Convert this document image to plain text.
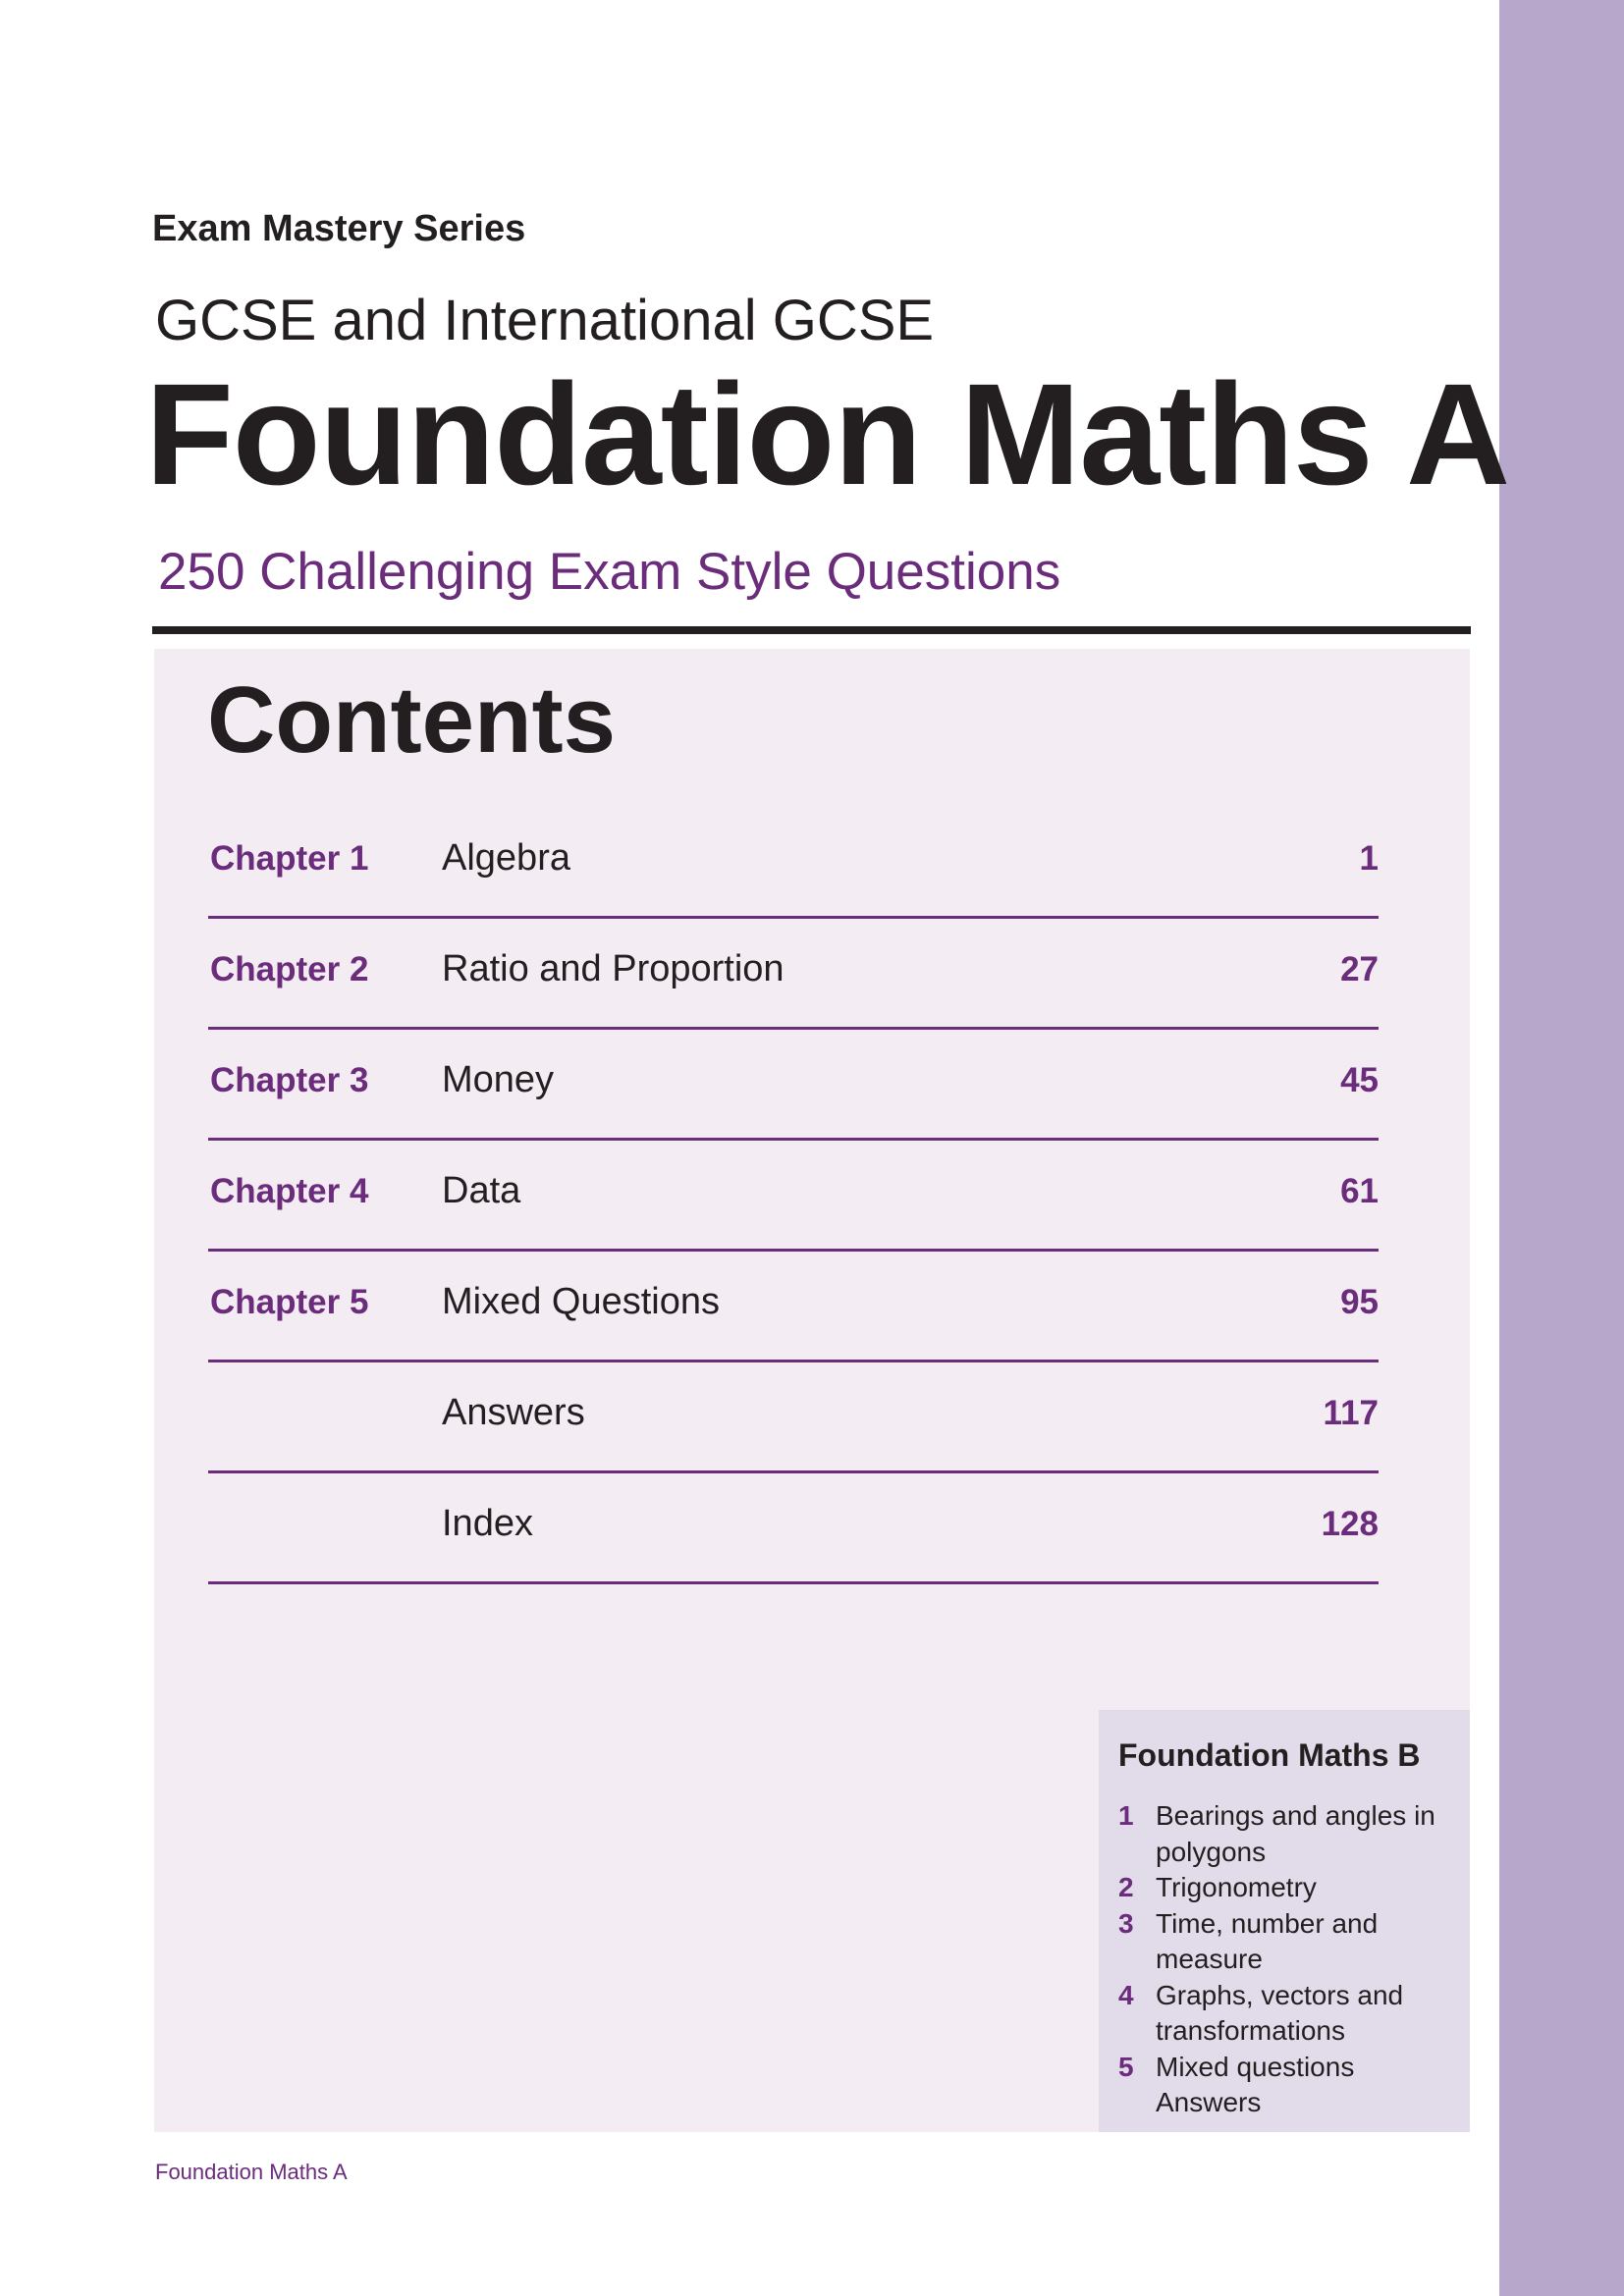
Exam Mastery Series
GCSE and International GCSE
Foundation Maths A
250 Challenging Exam Style Questions
Contents
Chapter 1 Algebra	1
Chapter 2 Ratio and Proportion	27
Chapter 3 Money	45
Chapter 4 Data	61
Chapter 5 Mixed Questions	95
Answers	117
Index	128
Foundation Maths B
1 Bearings and angles in polygons
2 Trigonometry
3 Time, number and measure
4 Graphs, vectors and transformations
5 Mixed questions
Answers
Foundation Maths A
